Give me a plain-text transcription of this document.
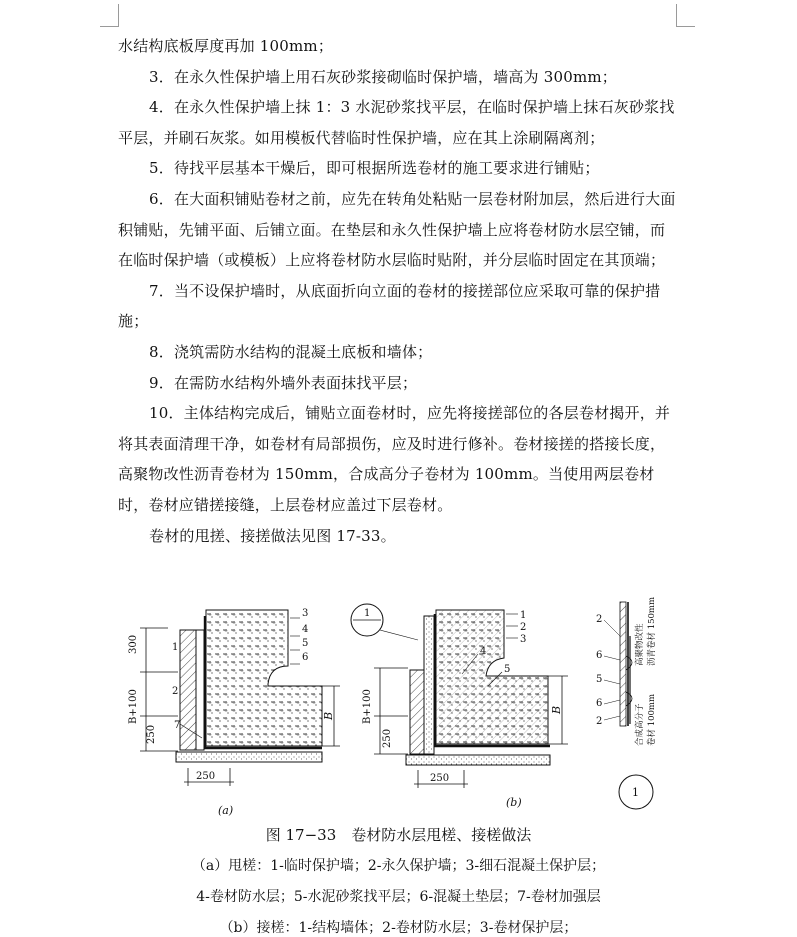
水结构底板厚度再加 100mm；

3．在永久性保护墙上用石灰砂浆接砌临时保护墙，墙高为 300mm；

4．在永久性保护墙上抹 1：3 水泥砂浆找平层，在临时保护墙上抹石灰砂浆找平层，并刷石灰浆。如用模板代替临时性保护墙，应在其上涂刷隔离剂；

5．待找平层基本干燥后，即可根据所选卷材的施工要求进行铺贴；

6．在大面积铺贴卷材之前，应先在转角处粘贴一层卷材附加层，然后进行大面积铺贴，先铺平面、后铺立面。在垫层和永久性保护墙上应将卷材防水层空铺，而在临时保护墙（或模板）上应将卷材防水层临时贴附，并分层临时固定在其顶端；

7．当不设保护墙时，从底面折向立面的卷材的接搓部位应采取可靠的保护措施；

8．浇筑需防水结构的混凝土底板和墙体；

9．在需防水结构外墙外表面抹找平层；

10．主体结构完成后，铺贴立面卷材时，应先将接搓部位的各层卷材揭开，并将其表面清理干净，如卷材有局部损伤，应及时进行修补。卷材接搓的搭接长度，高聚物改性沥青卷材为 150mm，合成高分子卷材为 100mm。当使用两层卷材时，卷材应错搓接缝，上层卷材应盖过下层卷材。

卷材的甩搓、接搓做法见图 17-33。

300
B+100
250
B
250
1
2
3
4
5
6
7
(a)
1
B+100
250
B
250
1
2
3
4
5
(b)
2
6
5
6
2
高聚物改性 沥青卷材 150mm
合成高分子 卷材 100mm
1
图 17−33　卷材防水层甩槎、接槎做法
（a）甩槎：1-临时保护墙；2-永久保护墙；3-细石混凝土保护层；
4-卷材防水层；5-水泥砂浆找平层；6-混凝土垫层；7-卷材加强层
（b）接槎：1-结构墙体；2-卷材防水层；3-卷材保护层；
